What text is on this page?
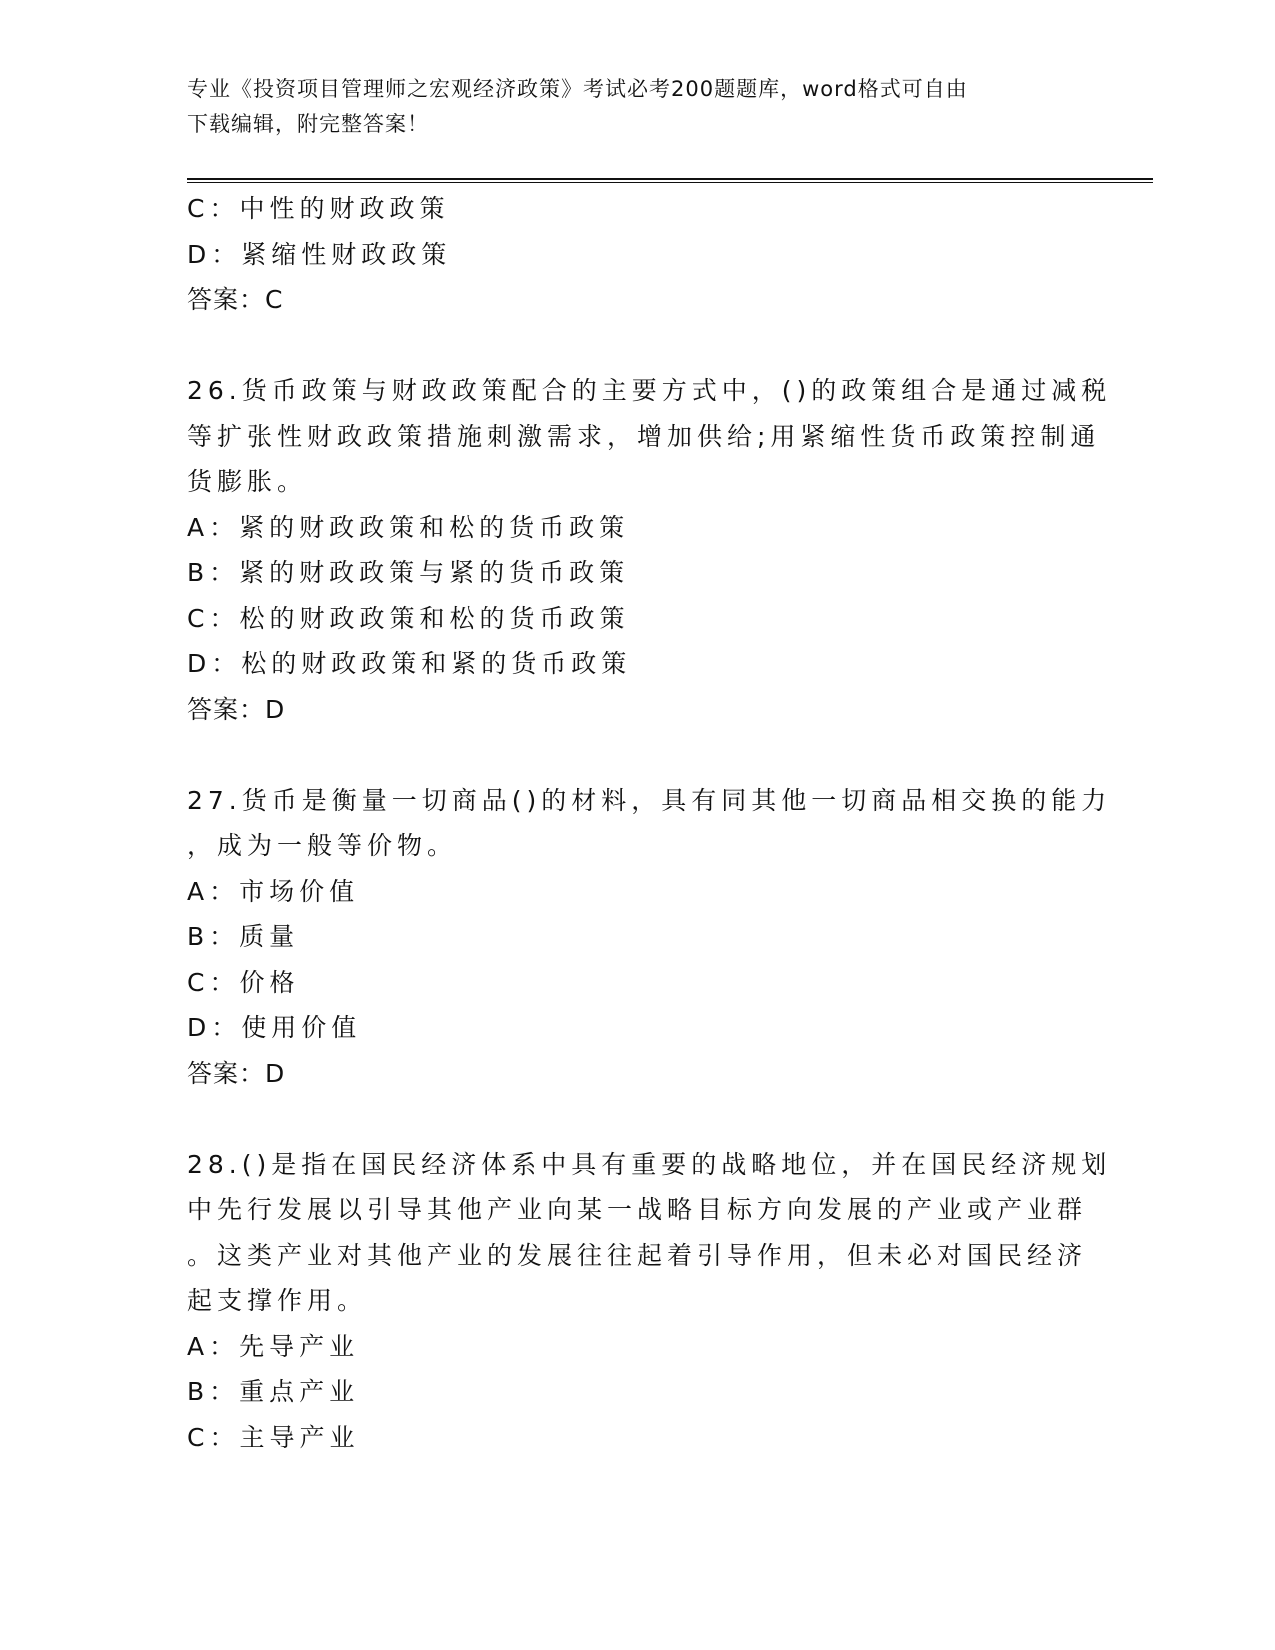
专业《投资项目管理师之宏观经济政策》考试必考200题题库，word格式可自由
下载编辑，附完整答案！
C：中性的财政政策
D：紧缩性财政政策
答案：C
26.货币政策与财政政策配合的主要方式中，()的政策组合是通过减税
等扩张性财政政策措施刺激需求，增加供给;用紧缩性货币政策控制通
货膨胀。
A：紧的财政政策和松的货币政策
B：紧的财政政策与紧的货币政策
C：松的财政政策和松的货币政策
D：松的财政政策和紧的货币政策
答案：D
27.货币是衡量一切商品()的材料，具有同其他一切商品相交换的能力
，成为一般等价物。
A：市场价值
B：质量
C：价格
D：使用价值
答案：D
28.()是指在国民经济体系中具有重要的战略地位，并在国民经济规划
中先行发展以引导其他产业向某一战略目标方向发展的产业或产业群
。这类产业对其他产业的发展往往起着引导作用，但未必对国民经济
起支撑作用。
A：先导产业
B：重点产业
C：主导产业
